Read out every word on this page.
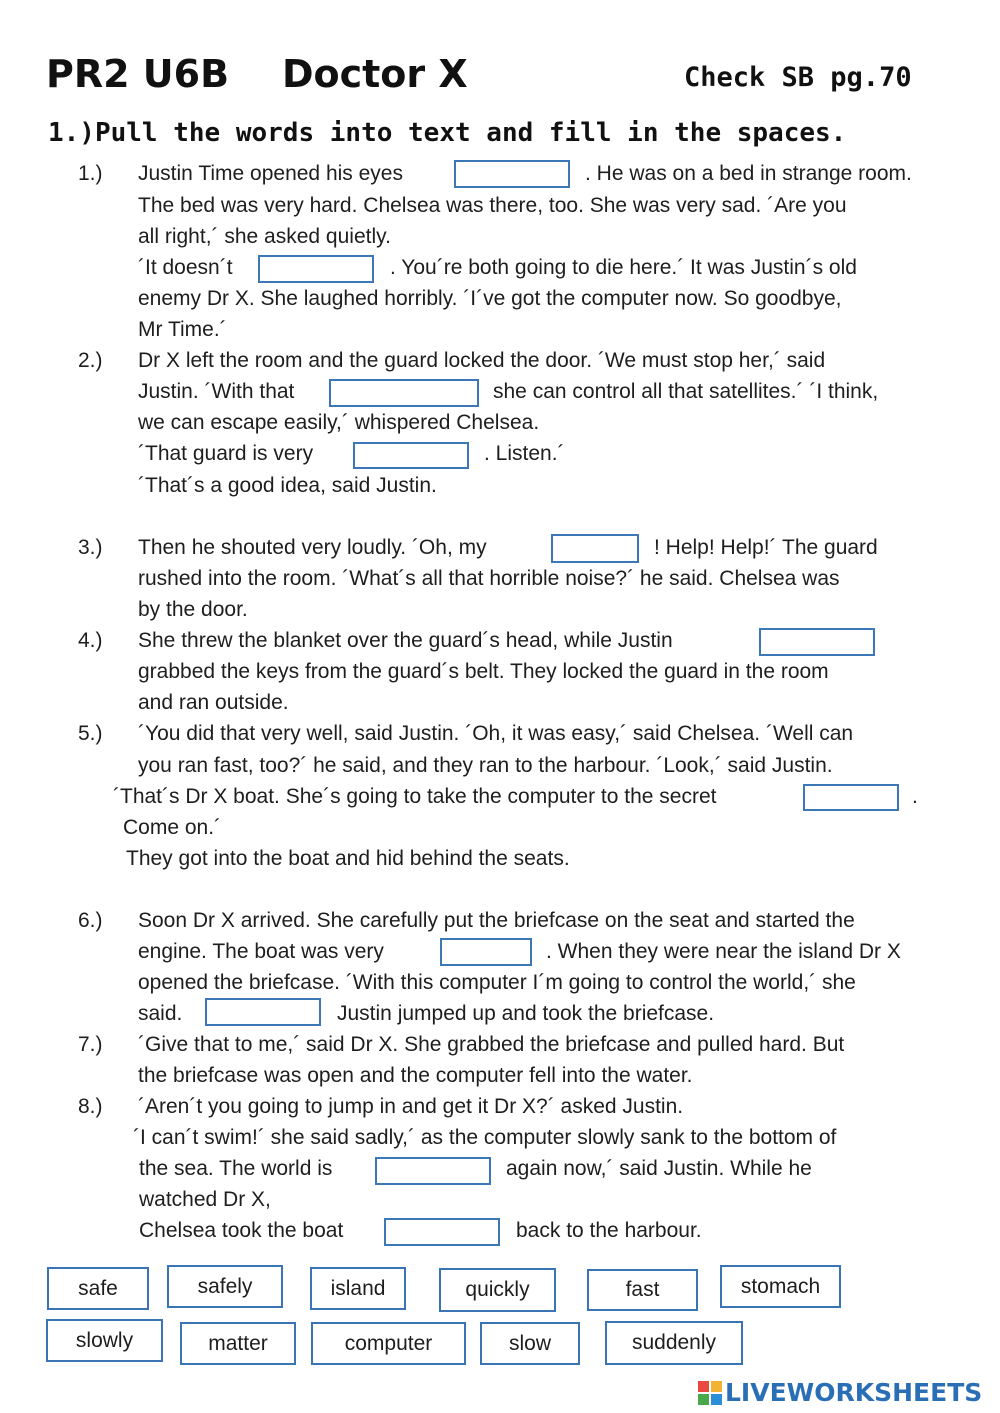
PR2 U6B    Doctor X	Check SB pg.70
1.)Pull the words into text and fill in the spaces.
1.) Justin Time opened his eyes	. He was on a bed in strange room.
The bed was very hard. Chelsea was there, too. She was very sad. ´Are you
all right,´ she asked quietly.
´It doesn´t	. You´re both going to die here.´ It was Justin´s old
enemy Dr X. She laughed horribly. ´I´ve got the computer now. So goodbye,
Mr Time.´
2.) Dr X left the room and the guard locked the door. ´We must stop her,´ said
Justin. ´With that	she can control all that satellites.´ ´I think,
we can escape easily,´ whispered Chelsea.
´That guard is very	. Listen.´
´That´s a good idea, said Justin.
3.) Then he shouted very loudly. ´Oh, my	! Help! Help!´ The guard
rushed into the room. ´What´s all that horrible noise?´ he said. Chelsea was
by the door.
4.) She threw the blanket over the guard´s head, while Justin
grabbed the keys from the guard´s belt. They locked the guard in the room
and ran outside.
5.) ´You did that very well, said Justin. ´Oh, it was easy,´ said Chelsea. ´Well can
you ran fast, too?´ he said, and they ran to the harbour. ´Look,´ said Justin.
´That´s Dr X boat. She´s going to take the computer to the secret	.
Come on.´
They got into the boat and hid behind the seats.
6.) Soon Dr X arrived. She carefully put the briefcase on the seat and started the
engine. The boat was very	. When they were near the island Dr X
opened the briefcase. ´With this computer I´m going to control the world,´ she
said.	Justin jumped up and took the briefcase.
7.) ´Give that to me,´ said Dr X. She grabbed the briefcase and pulled hard. But
the briefcase was open and the computer fell into the water.
8.) ´Aren´t you going to jump in and get it Dr X?´ asked Justin.
´I can´t swim!´ she said sadly,´ as the computer slowly sank to the bottom of
the sea. The world is	again now,´ said Justin. While he
watched Dr X,
Chelsea took the boat	back to the harbour.
safe	safely	island	quickly	fast	stomach
slowly	matter	computer	slow	suddenly
LIVEWORKSHEETS
